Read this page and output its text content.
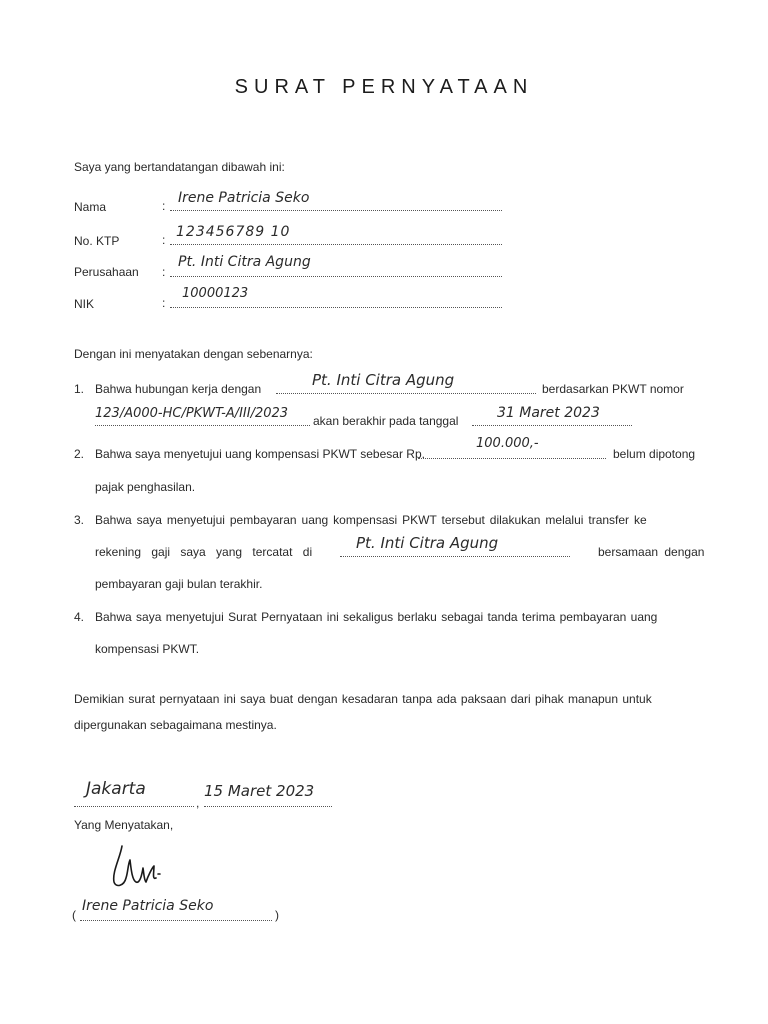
SURAT PERNYATAAN
Saya yang bertandatangan dibawah ini:
Nama	: Irene Patricia Seko
No. KTP	: 123456789 10
Perusahaan :
Pt. Inti Citra Agung
NIK	:
10000123
Dengan ini menyatakan dengan sebenarnya:
1. Bahwa hubungan kerja dengan	Pt. Inti Citra Agung	berdasarkan PKWT nomor
123/A000-HC/PKWT-A/III/2023 akan berakhir pada tanggal	31 Maret 2023
2. Bahwa saya menyetujui uang kompensasi PKWT sebesar Rp.
100.000,-
belum dipotong
pajak penghasilan.
3. Bahwa saya menyetujui pembayaran uang kompensasi PKWT tersebut dilakukan melalui transfer ke
rekening gaji saya yang tercatat di	Pt. Inti Citra Agung	bersamaan dengan
pembayaran gaji bulan terakhir.
4. Bahwa saya menyetujui Surat Pernyataan ini sekaligus berlaku sebagai tanda terima pembayaran uang
kompensasi PKWT.
Demikian surat pernyataan ini saya buat dengan kesadaran tanpa ada paksaan dari pihak manapun untuk
dipergunakan sebagaimana mestinya.
Jakarta
,
15 Maret 2023
Yang Menyatakan,
(
Irene Patricia Seko
)
